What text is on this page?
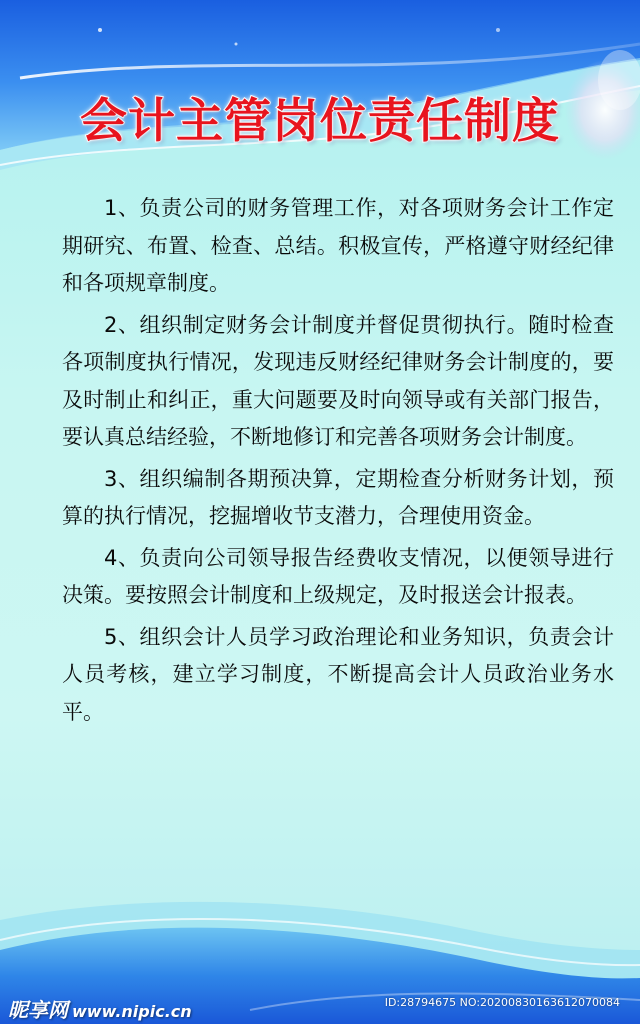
会计主管岗位责任制度

1、负责公司的财务管理工作，对各项财务会计工作定期研究、布置、检查、总结。积极宣传，严格遵守财经纪律和各项规章制度。

2、组织制定财务会计制度并督促贯彻执行。随时检查各项制度执行情况，发现违反财经纪律财务会计制度的，要及时制止和纠正，重大问题要及时向领导或有关部门报告，要认真总结经验，不断地修订和完善各项财务会计制度。

3、组织编制各期预决算，定期检查分析财务计划，预算的执行情况，挖掘增收节支潜力，合理使用资金。

4、负责向公司领导报告经费收支情况，以便领导进行决策。要按照会计制度和上级规定，及时报送会计报表。

5、组织会计人员学习政治理论和业务知识，负责会计人员考核，建立学习制度，不断提高会计人员政治业务水平。

昵享网 www.nipic.cn	ID:28794675 NO:20200830163612070084
